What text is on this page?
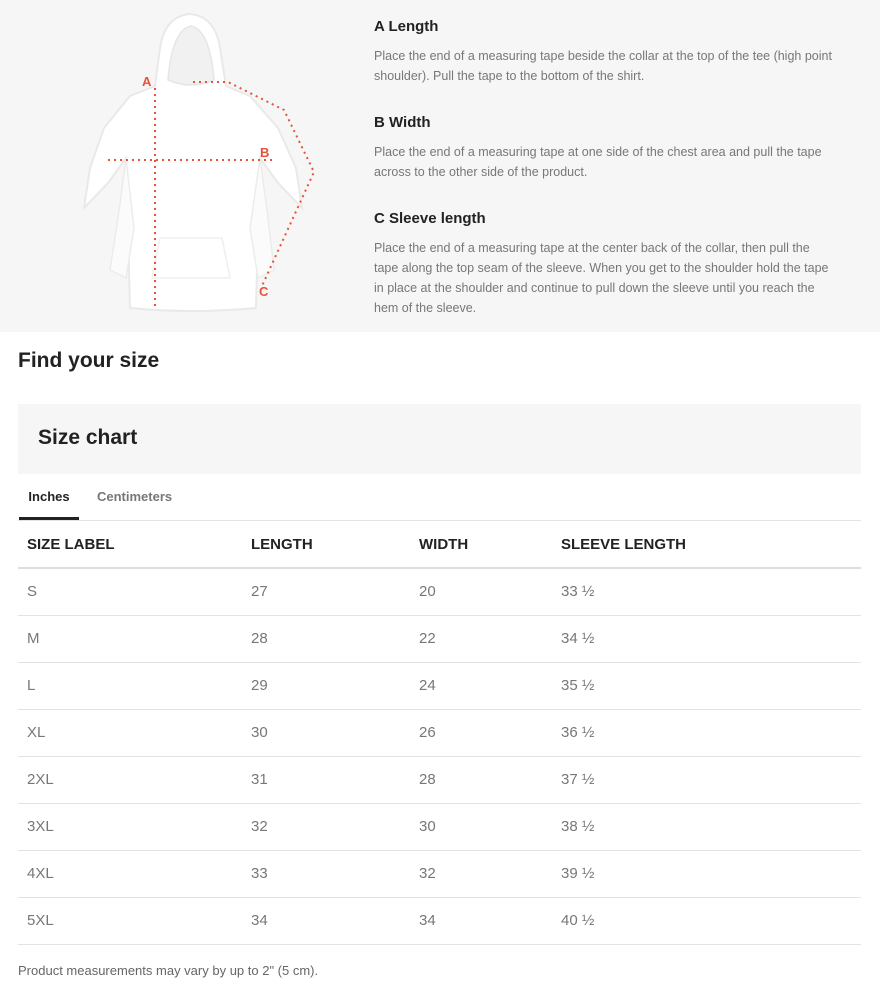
A
B
C
A Length
Place the end of a measuring tape beside the collar at the top of the tee (high point shoulder). Pull the tape to the bottom of the shirt.
B Width
Place the end of a measuring tape at one side of the chest area and pull the tape across to the other side of the product.
C Sleeve length
Place the end of a measuring tape at the center back of the collar, then pull the tape along the top seam of the sleeve. When you get to the shoulder hold the tape in place at the shoulder and continue to pull down the sleeve until you reach the hem of the sleeve.
Find your size
Size chart
Inches	Centimeters
SIZE LABEL	LENGTH	WIDTH	SLEEVE LENGTH
S	27	20	33 ½
M	28	22	34 ½
L	29	24	35 ½
XL	30	26	36 ½
2XL	31	28	37 ½
3XL	32	30	38 ½
4XL	33	32	39 ½
5XL	34	34	40 ½
Product measurements may vary by up to 2" (5 cm).
